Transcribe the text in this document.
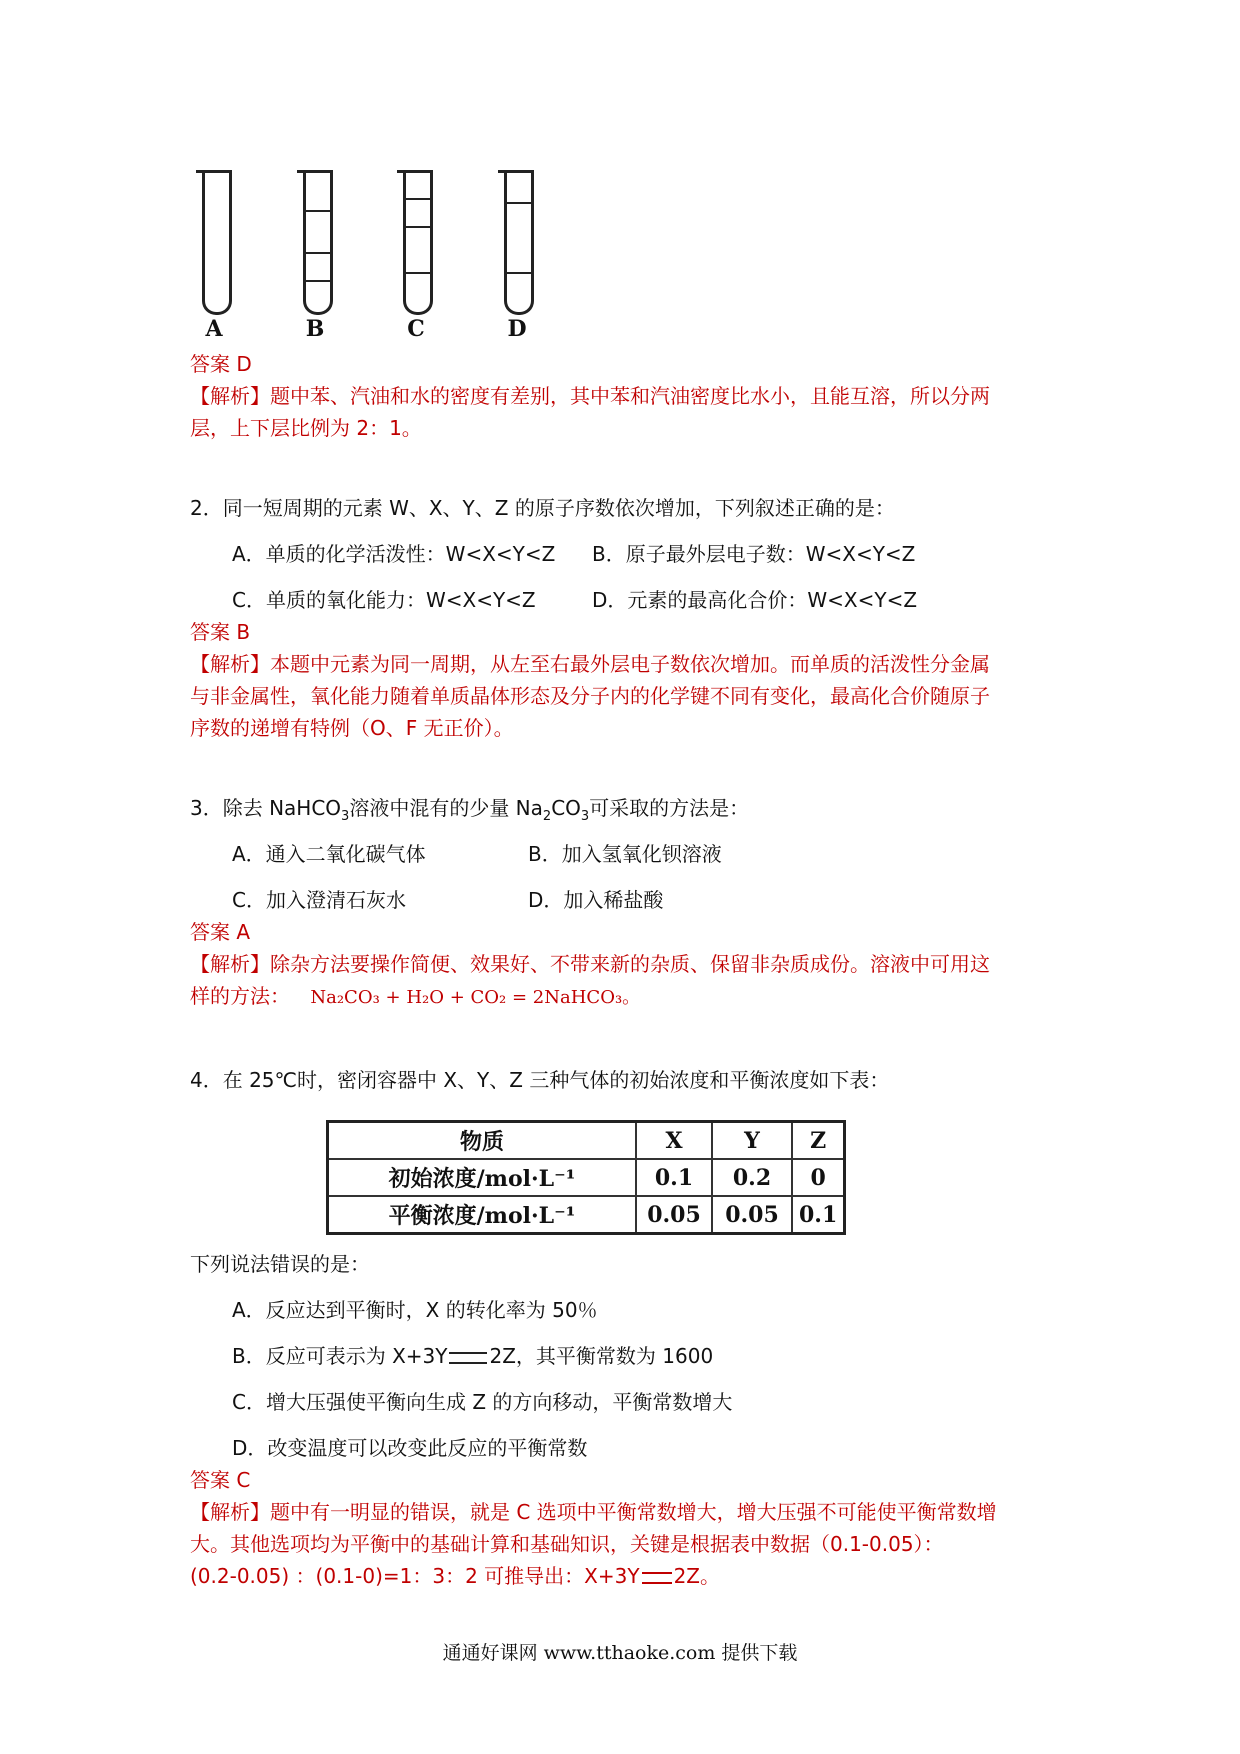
A	B	C	D
答案 D
【解析】题中苯、汽油和水的密度有差别，其中苯和汽油密度比水小，且能互溶，所以分两
层，上下层比例为 2：1。
2．同一短周期的元素 W、X、Y、Z 的原子序数依次增加，下列叙述正确的是：
A．单质的化学活泼性：W<X<Y<Z B．原子最外层电子数：W<X<Y<Z
C．单质的氧化能力：W<X<Y<Z	D．元素的最高化合价：W<X<Y<Z
答案 B
【解析】本题中元素为同一周期，从左至右最外层电子数依次增加。而单质的活泼性分金属
与非金属性，氧化能力随着单质晶体形态及分子内的化学键不同有变化，最高化合价随原子
序数的递增有特例（O、F 无正价）。
3．除去 NaHCO$_3$溶液中混有的少量 $Na_2CO_3$可采取的方法是：
A．通入二氧化碳气体	B．加入氢氧化钡溶液
C．加入澄清石灰水	D．加入稀盐酸
答案 A
【解析】除杂方法要操作简便、效果好、不带来新的杂质、保留非杂质成份。溶液中可用这
样的方法： Na₂CO₃ + H₂O + CO₂ = 2NaHCO₃。
4．在 25℃时，密闭容器中 X、Y、Z 三种气体的初始浓度和平衡浓度如下表：
物质	X	Y	Z
初始浓度/mol·L⁻¹	0.1	0.2	0
平衡浓度/mol·L⁻¹	0.05	0.05	0.1
下列说法错误的是：
A．反应达到平衡时，X 的转化率为 50％
B．反应可表示为 X+3Y 2Z，其平衡常数为 1600
C．增大压强使平衡向生成 Z 的方向移动，平衡常数增大
D．改变温度可以改变此反应的平衡常数
答案 C
【解析】题中有一明显的错误，就是 C 选项中平衡常数增大，增大压强不可能使平衡常数增
大。其他选项均为平衡中的基础计算和基础知识，关键是根据表中数据（0.1-0.05）：
(0.2-0.05) ：(0.1-0)=1：3：2 可推导出：X+3Y 2Z。
通通好课网 www.tthaoke.com 提供下载
